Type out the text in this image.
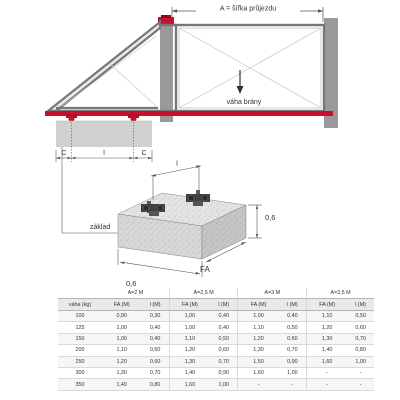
A = šířka průjezdu
váha brány
C	l	C
základ
l
0,6
FA
0,6
	A=2 M		A=2,5 M		A=3 M		A=3,5 M	
váha (kg)	FA (M)	l (M)	FA (M)	l (M)	FA (M)	l (M)	FA (M)	l (M)
100	0,90	0,30	1,00	0,40	1,00	0,40	1,10	0,50
125	1,00	0,40	1,00	0,40	1,10	0,50	1,20	0,60
150	1,00	0,40	1,10	0,50	1,20	0,60	1,30	0,70
200	1,10	0,50	1,20	0,60	1,30	0,70	1,40	0,80
250	1,20	0,60	1,30	0,70	1,50	0,90	1,60	1,00
300	1,30	0,70	1,40	0,90	1,60	1,00	-	-
350	1,40	0,80	1,60	1,00	-	-	-	-
